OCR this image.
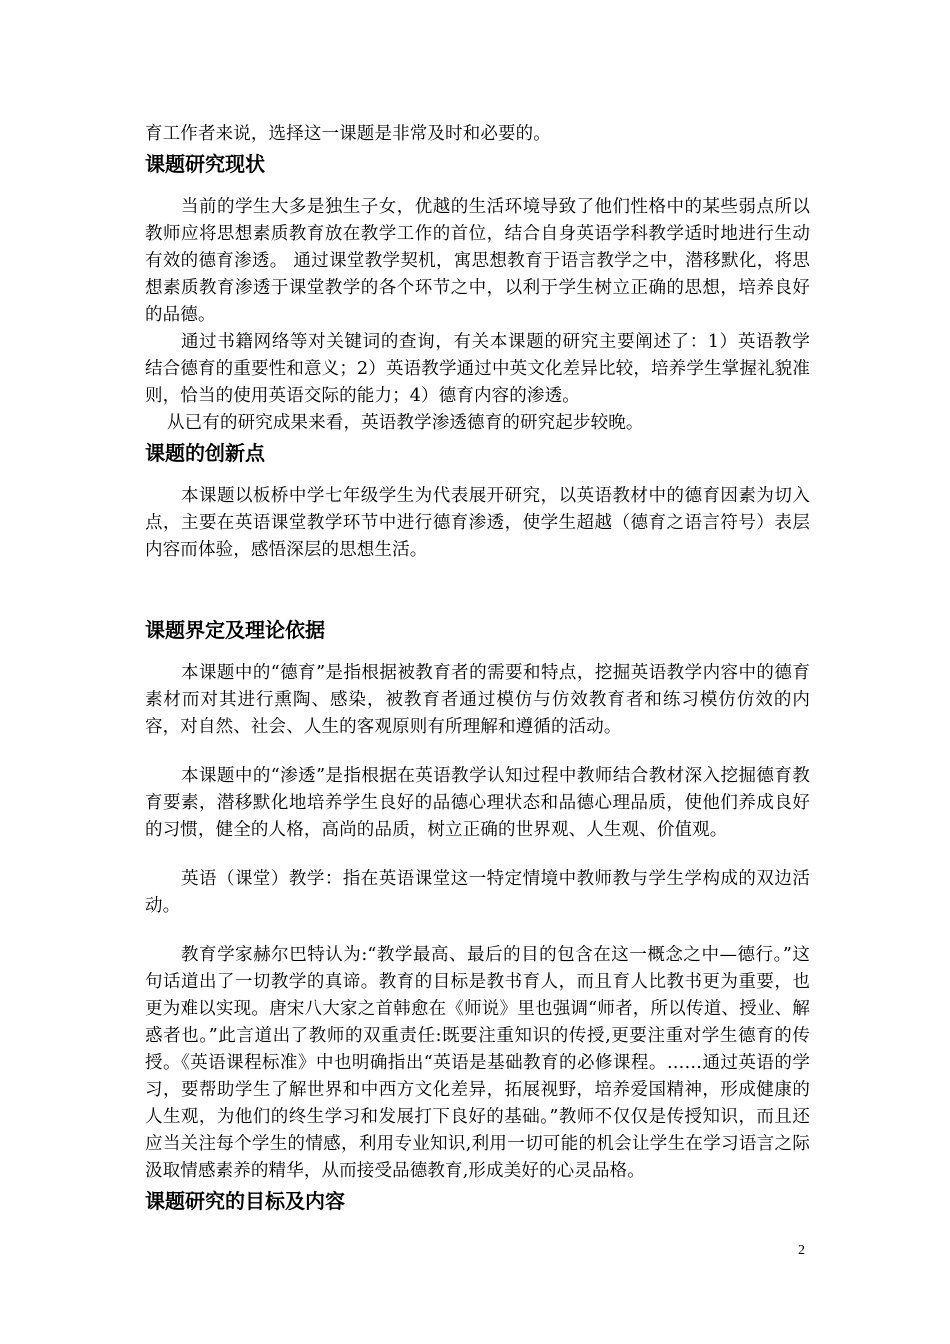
育工作者来说，选择这一课题是非常及时和必要的。

课题研究现状

当前的学生大多是独生子女，优越的生活环境导致了他们性格中的某些弱点所以教师应将思想素质教育放在教学工作的首位，结合自身英语学科教学适时地进行生动有效的德育渗透。 通过课堂教学契机，寓思想教育于语言教学之中，潜移默化，将思想素质教育渗透于课堂教学的各个环节之中，以利于学生树立正确的思想，培养良好的品德。

通过书籍网络等对关键词的查询，有关本课题的研究主要阐述了：1）英语教学结合德育的重要性和意义；2）英语教学通过中英文化差异比较，培养学生掌握礼貌准则，恰当的使用英语交际的能力；4）德育内容的渗透。

从已有的研究成果来看，英语教学渗透德育的研究起步较晚。

课题的创新点

本课题以板桥中学七年级学生为代表展开研究，以英语教材中的德育因素为切入点，主要在英语课堂教学环节中进行德育渗透，使学生超越（德育之语言符号）表层内容而体验，感悟深层的思想生活。

课题界定及理论依据

本课题中的“德育”是指根据被教育者的需要和特点，挖掘英语教学内容中的德育素材而对其进行熏陶、感染，被教育者通过模仿与仿效教育者和练习模仿仿效的内容，对自然、社会、人生的客观原则有所理解和遵循的活动。

本课题中的“渗透”是指根据在英语教学认知过程中教师结合教材深入挖掘德育教育要素，潜移默化地培养学生良好的品德心理状态和品德心理品质，使他们养成良好的习惯，健全的人格，高尚的品质，树立正确的世界观、人生观、价值观。

英语（课堂）教学：指在英语课堂这一特定情境中教师教与学生学构成的双边活动。

教育学家赫尔巴特认为:“教学最高、最后的目的包含在这一概念之中—德行。”这句话道出了一切教学的真谛。教育的目标是教书育人，而且育人比教书更为重要，也更为难以实现。唐宋八大家之首韩愈在《师说》里也强调“师者，所以传道、授业、解惑者也。”此言道出了教师的双重责任:既要注重知识的传授,更要注重对学生德育的传授。《英语课程标准》中也明确指出“英语是基础教育的必修课程。……通过英语的学习，要帮助学生了解世界和中西方文化差异，拓展视野，培养爱国精神，形成健康的人生观，为他们的终生学习和发展打下良好的基础。”教师不仅仅是传授知识，而且还应当关注每个学生的情感，利用专业知识,利用一切可能的机会让学生在学习语言之际汲取情感素养的精华，从而接受品德教育,形成美好的心灵品格。

课题研究的目标及内容
2
